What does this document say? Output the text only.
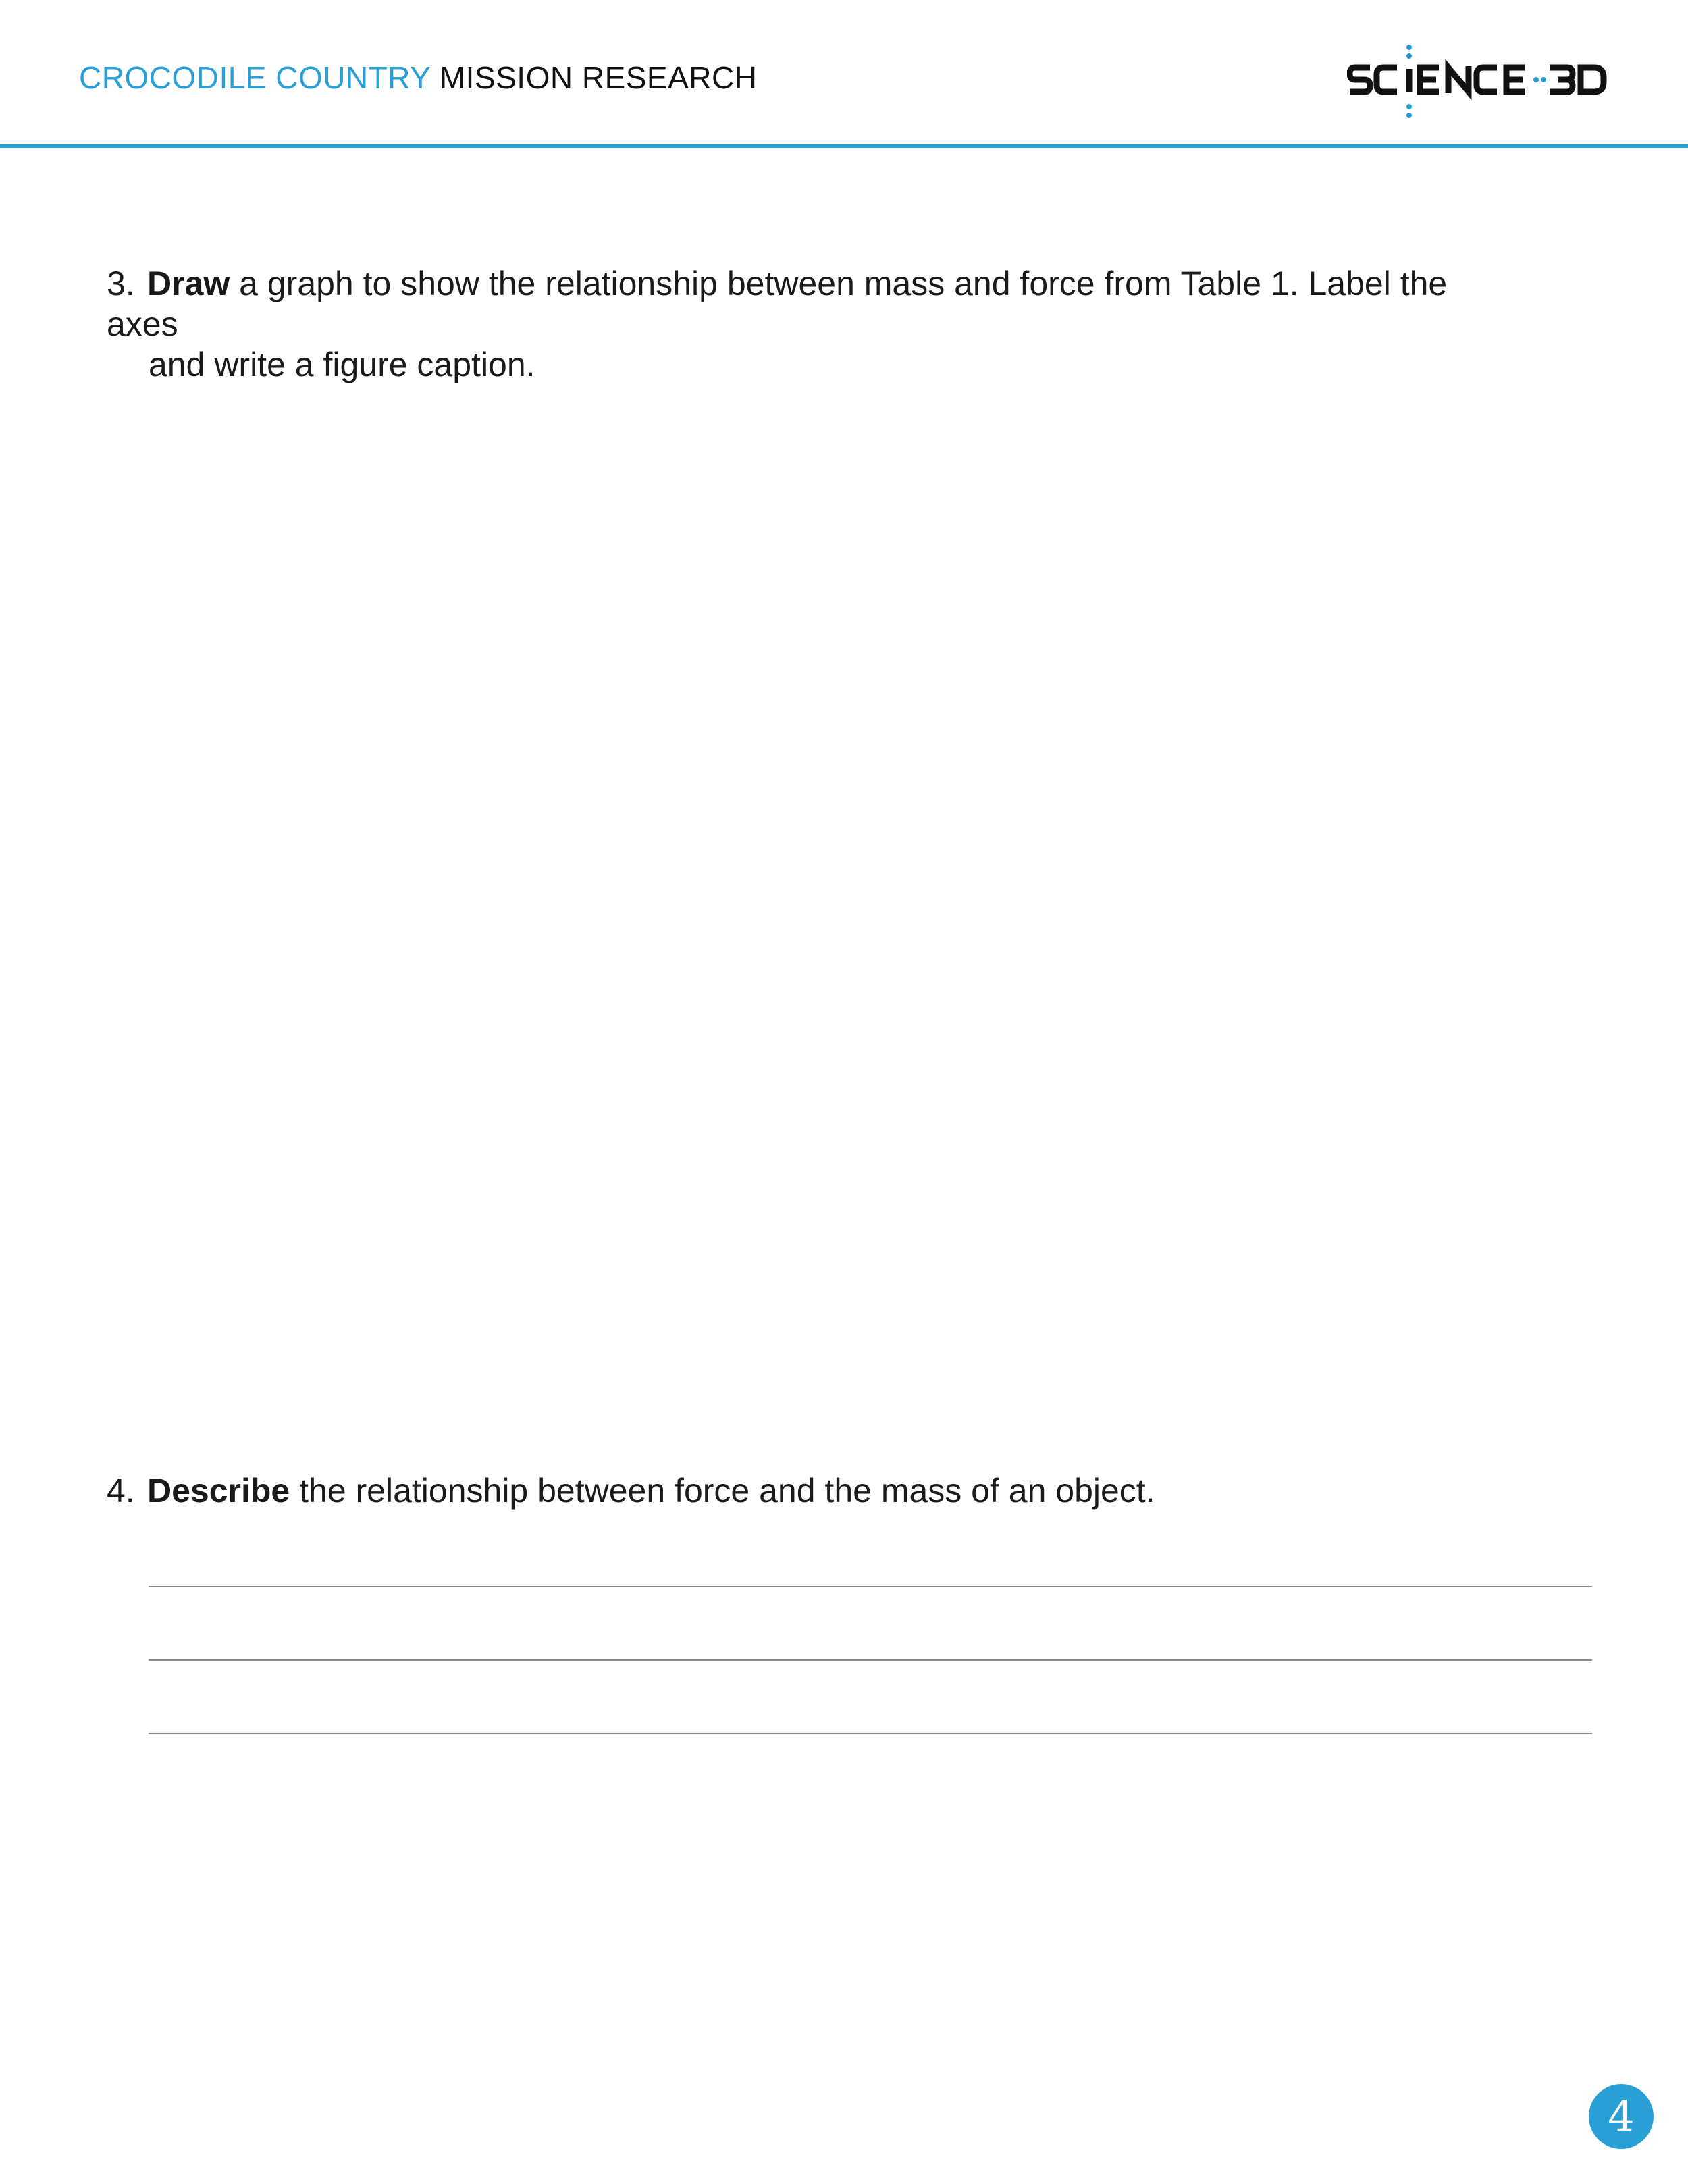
CROCODILE COUNTRY MISSION RESEARCH
3. Draw a graph to show the relationship between mass and force from Table 1. Label the axes
and write a figure caption.
4. Describe the relationship between force and the mass of an object.
4
